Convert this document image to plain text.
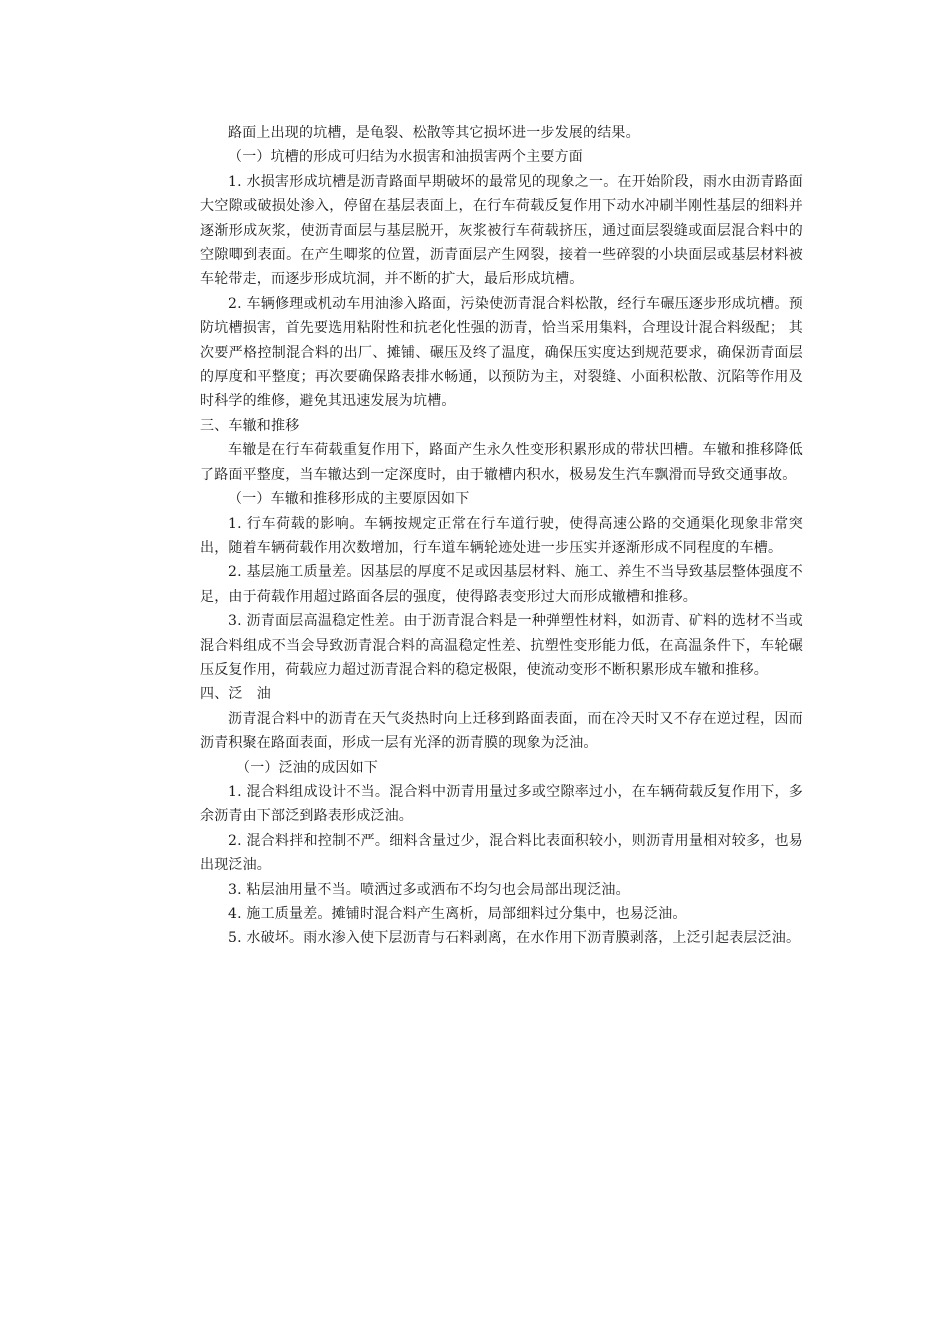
路面上出现的坑槽，是龟裂、松散等其它损坏进一步发展的结果。

（一）坑槽的形成可归结为水损害和油损害两个主要方面

1. 水损害形成坑槽是沥青路面早期破坏的最常见的现象之一。在开始阶段，雨水由沥青路面大空隙或破损处渗入，停留在基层表面上，在行车荷载反复作用下动水冲刷半刚性基层的细料并逐渐形成灰浆，使沥青面层与基层脱开，灰浆被行车荷载挤压，通过面层裂缝或面层混合料中的空隙唧到表面。在产生唧浆的位置，沥青面层产生网裂，接着一些碎裂的小块面层或基层材料被车轮带走，而逐步形成坑洞，并不断的扩大，最后形成坑槽。

2. 车辆修理或机动车用油渗入路面，污染使沥青混合料松散，经行车碾压逐步形成坑槽。预防坑槽损害，首先要选用粘附性和抗老化性强的沥青，恰当采用集料，合理设计混合料级配； 其次要严格控制混合料的出厂、摊铺、碾压及终了温度，确保压实度达到规范要求，确保沥青面层的厚度和平整度；再次要确保路表排水畅通，以预防为主，对裂缝、小面积松散、沉陷等作用及时科学的维修，避免其迅速发展为坑槽。

三、车辙和推移

车辙是在行车荷载重复作用下，路面产生永久性变形积累形成的带状凹槽。车辙和推移降低了路面平整度，当车辙达到一定深度时，由于辙槽内积水，极易发生汽车飘滑而导致交通事故。

（一）车辙和推移形成的主要原因如下

1. 行车荷载的影响。车辆按规定正常在行车道行驶，使得高速公路的交通渠化现象非常突出，随着车辆荷载作用次数增加，行车道车辆轮迹处进一步压实并逐渐形成不同程度的车槽。

2. 基层施工质量差。因基层的厚度不足或因基层材料、施工、养生不当导致基层整体强度不足，由于荷载作用超过路面各层的强度，使得路表变形过大而形成辙槽和推移。

3. 沥青面层高温稳定性差。由于沥青混合料是一种弹塑性材料，如沥青、矿料的选材不当或混合料组成不当会导致沥青混合料的高温稳定性差、抗塑性变形能力低，在高温条件下，车轮碾压反复作用，荷载应力超过沥青混合料的稳定极限，使流动变形不断积累形成车辙和推移。

四、泛　油

沥青混合料中的沥青在天气炎热时向上迁移到路面表面，而在冷天时又不存在逆过程，因而沥青积聚在路面表面，形成一层有光泽的沥青膜的现象为泛油。

（一）泛油的成因如下

1. 混合料组成设计不当。混合料中沥青用量过多或空隙率过小，在车辆荷载反复作用下，多余沥青由下部泛到路表形成泛油。

2. 混合料拌和控制不严。细料含量过少，混合料比表面积较小，则沥青用量相对较多，也易出现泛油。

3. 粘层油用量不当。喷洒过多或洒布不均匀也会局部出现泛油。

4. 施工质量差。摊铺时混合料产生离析，局部细料过分集中，也易泛油。

5. 水破坏。雨水渗入使下层沥青与石料剥离，在水作用下沥青膜剥落，上泛引起表层泛油。
